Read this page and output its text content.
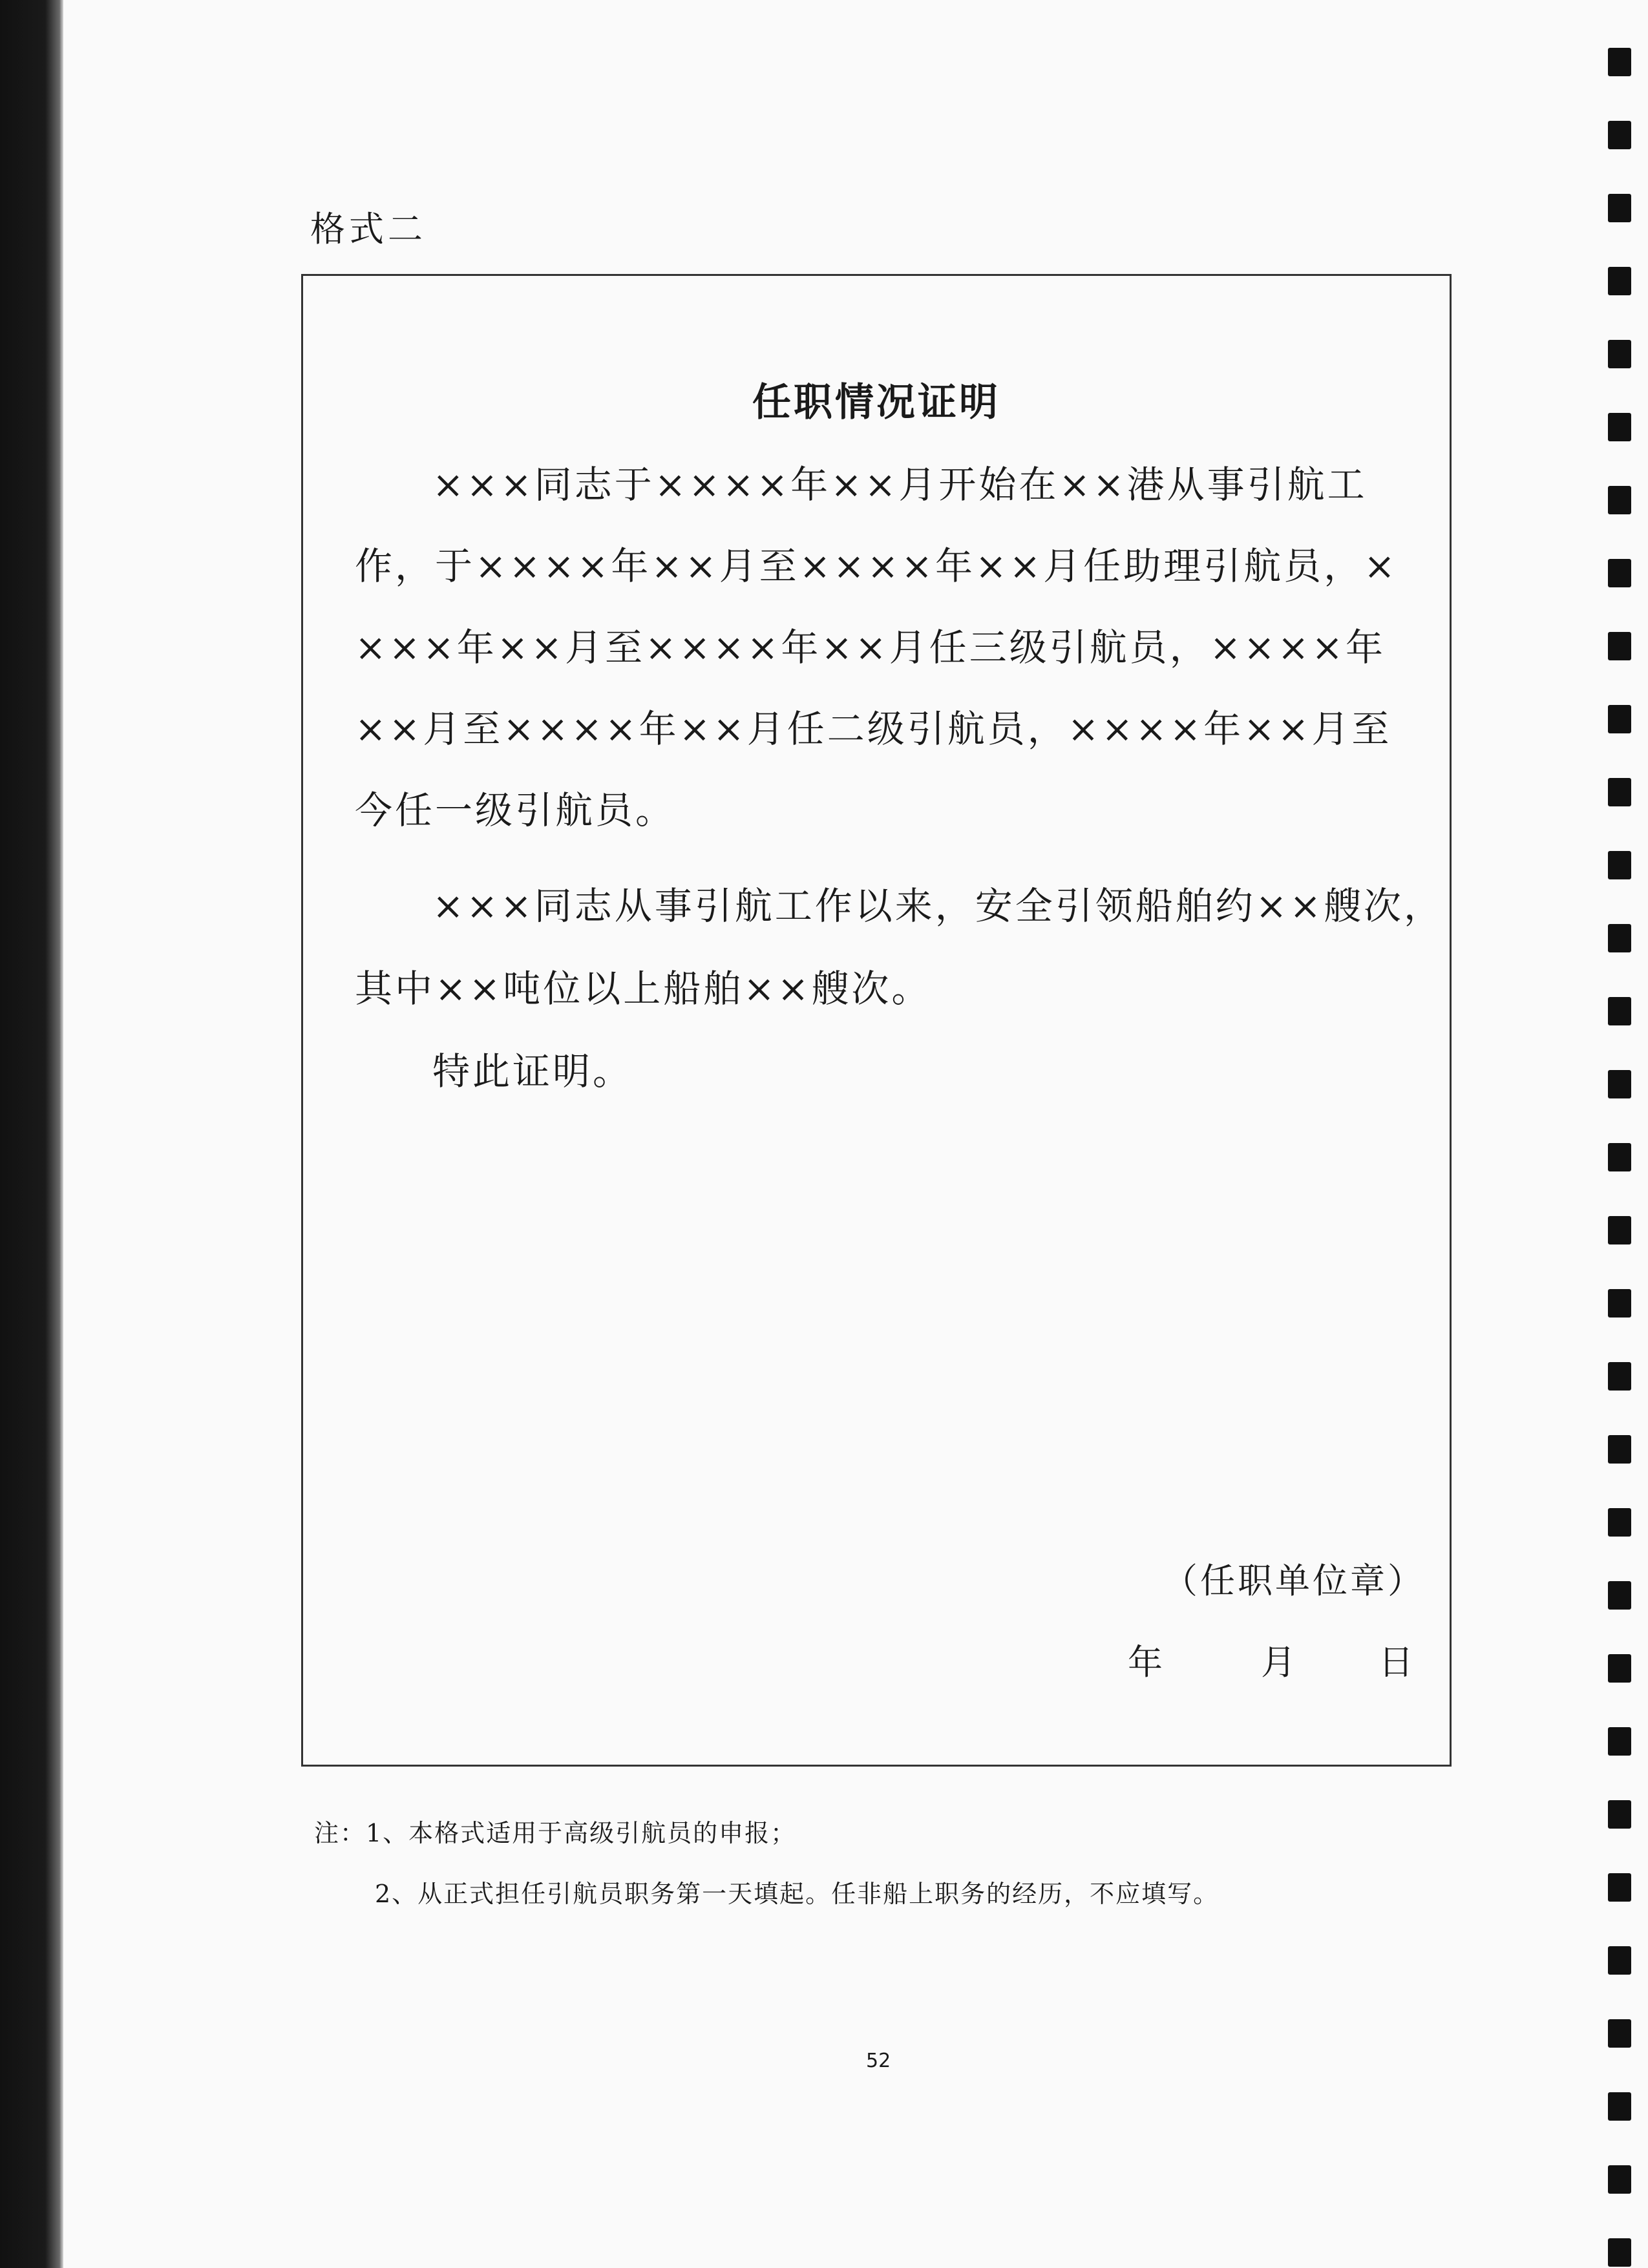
格式二
任职情况证明
×××同志于××××年××月开始在××港从事引航工
作，于××××年××月至××××年××月任助理引航员，×
×××年××月至××××年××月任三级引航员，××××年
××月至××××年××月任二级引航员，××××年××月至
今任一级引航员。
×××同志从事引航工作以来，安全引领船舶约××艘次，
其中××吨位以上船舶××艘次。
特此证明。
（任职单位章）
年	月 日
注：1、本格式适用于高级引航员的申报；
2、从正式担任引航员职务第一天填起。任非船上职务的经历，不应填写。
52
